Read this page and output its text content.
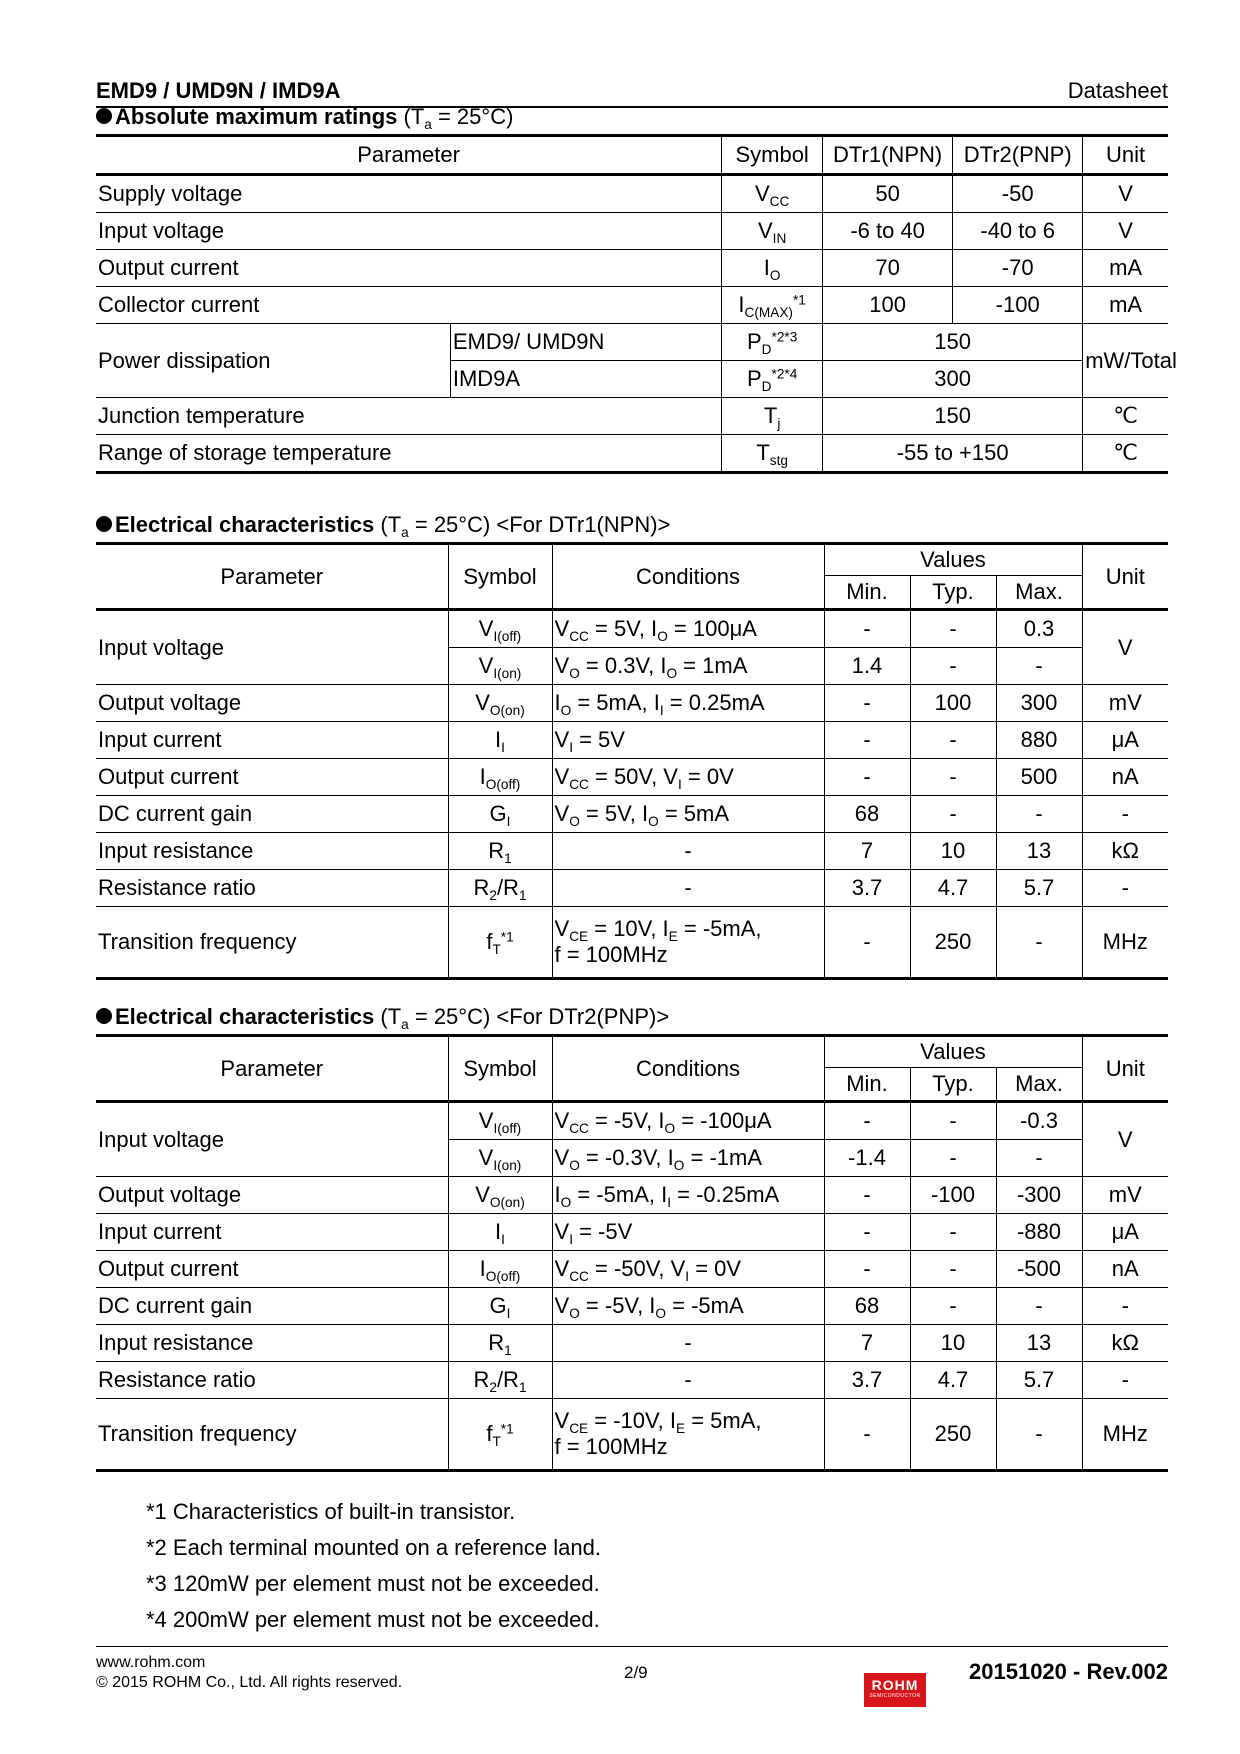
EMD9 / UMD9N / IMD9A	Datasheet
Absolute maximum ratings $(T_a = 25^\circ C)$
Parameter		Symbol	DTr1(NPN)	DTr2(PNP)	Unit
Supply voltage		$V_{CC}$	50	-50	V
Input voltage		$V_{IN}$	-6 to 40	-40 to 6	V
Output current		$I_O$	70	-70	mA
Collector current		$I_{C(MAX)}^{*1}$	100	-100	mA
Power dissipation	EMD9/ UMD9N	$P_D^{*2*3}$	150		mW/Total
	IMD9A	$P_D^{*2*4}$	300		
Junction temperature		$T_j$	150		℃
Range of storage temperature		$T_{stg}$	-55 to +150		℃
Electrical characteristics $(T_a = 25^\circ C) <For$ DTr1(NPN)>
Parameter	Symbol	Conditions	Values			Unit
			Min.	Typ.	Max.	
Input voltage	$V_{I(off)}$	$V_{CC} = 5V$, $I_O = 100\mu A$	-	-	0.3	V
	$V_{I(on)}$	$V_O = 0.3V$, $I_O = 1mA$	1.4	-	-	
Output voltage	$V_{O(on)}$	$I_O = 5mA$, $I_I = 0.25mA$	-	100	300	mV
Input current	$I_I$	$V_I = 5V$	-	-	880	μA
Output current	$I_{O(off)}$	$V_{CC} = 50V$, $V_I = 0V$	-	-	500	nA
DC current gain	$G_I$	$V_O = 5V$, $I_O = 5mA$	68	-	-	-
Input resistance	$R_1$	-	7	10	13	kΩ
Resistance ratio	$R_2/R_1$	-	3.7	4.7	5.7	-
Transition frequency	$f_T^{*1}$	$V_{CE} = 10V$, $I_E = -5mA$,
f = 100MHz	-	250	-	MHz
Electrical characteristics $(T_a = 25^\circ C) <For$ DTr2(PNP)>
Parameter	Symbol	Conditions	Values			Unit
			Min.	Typ.	Max.	
Input voltage	$V_{I(off)}$	$V_{CC} = -5V$, $I_O = -100\mu A$	-	-	-0.3	V
	$V_{I(on)}$	$V_O = -0.3V$, $I_O = -1mA$	-1.4	-	-	
Output voltage	$V_{O(on)}$	$I_O = -5mA$, $I_I = -0.25mA$	-	-100	-300	mV
Input current	$I_I$	$V_I = -5V$	-	-	-880	μA
Output current	$I_{O(off)}$	$V_{CC} = -50V$, $V_I = 0V$	-	-	-500	nA
DC current gain	$G_I$	$V_O = -5V$, $I_O = -5mA$	68	-	-	-
Input resistance	$R_1$	-	7	10	13	kΩ
Resistance ratio	$R_2/R_1$	-	3.7	4.7	5.7	-
Transition frequency	$f_T^{*1}$	$V_{CE} = -10V$, $I_E = 5mA$,
f = 100MHz	-	250	-	MHz
*1 Characteristics of built-in transistor.
*2 Each terminal mounted on a reference land.
*3 120mW per element must not be exceeded.
*4 200mW per element must not be exceeded.
www.rohm.com
© 2015 ROHM Co., Ltd. All rights reserved.
2/9
ROHM
SEMICONDUCTOR
20151020 - Rev.002
